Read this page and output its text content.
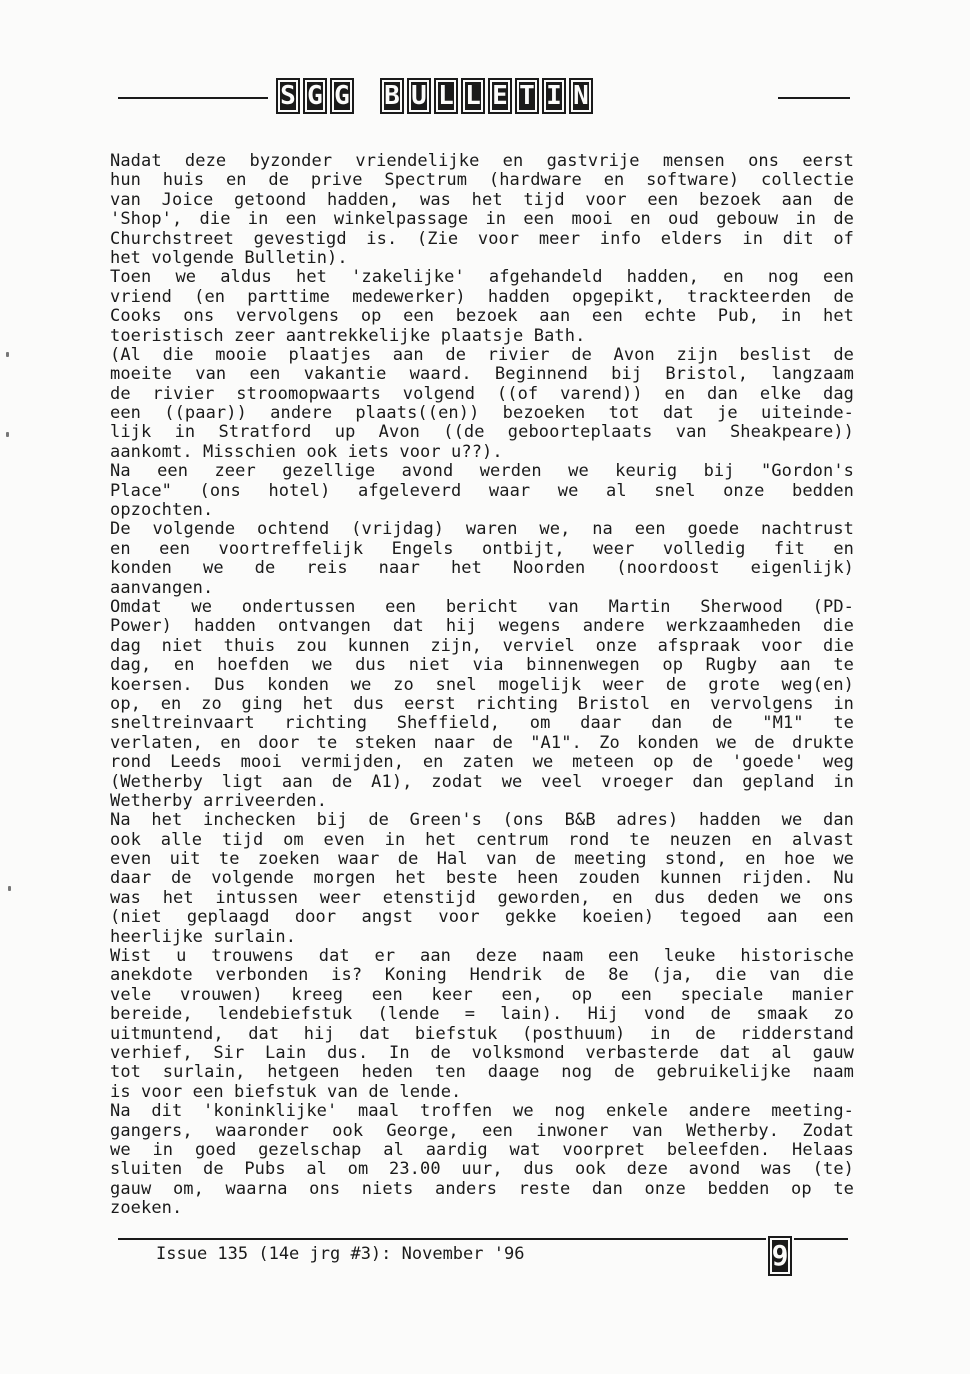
S G G B U L L E T I N
Nadat deze byzonder vriendelijke en gastvrije mensen ons eerst
hun huis en de prive Spectrum (hardware en software) collectie
van Joice getoond hadden, was het tijd voor een bezoek aan de
'Shop', die in een winkelpassage in een mooi en oud gebouw in de
Churchstreet gevestigd is. (Zie voor meer info elders in dit of
het volgende Bulletin).
Toen we aldus het 'zakelijke' afgehandeld hadden, en nog een
vriend (en parttime medewerker) hadden opgepikt, trackteerden de
Cooks ons vervolgens op een bezoek aan een echte Pub, in het
toeristisch zeer aantrekkelijke plaatsje Bath.
(Al die mooie plaatjes aan de rivier de Avon zijn beslist de
moeite van een vakantie waard. Beginnend bij Bristol, langzaam
de rivier stroomopwaarts volgend ((of varend)) en dan elke dag
een ((paar)) andere plaats((en)) bezoeken tot dat je uiteinde-
lijk in Stratford up Avon ((de geboorteplaats van Sheakpeare))
aankomt. Misschien ook iets voor u??).
Na een zeer gezellige avond werden we keurig bij "Gordon's
Place" (ons hotel) afgeleverd waar we al snel onze bedden
opzochten.
De volgende ochtend (vrijdag) waren we, na een goede nachtrust
en een voortreffelijk Engels ontbijt, weer volledig fit en
konden we de reis naar het Noorden (noordoost eigenlijk)
aanvangen.
Omdat we ondertussen een bericht van Martin Sherwood (PD-
Power) hadden ontvangen dat hij wegens andere werkzaamheden die
dag niet thuis zou kunnen zijn, verviel onze afspraak voor die
dag, en hoefden we dus niet via binnenwegen op Rugby aan te
koersen. Dus konden we zo snel mogelijk weer de grote weg(en)
op, en zo ging het dus eerst richting Bristol en vervolgens in
sneltreinvaart richting Sheffield, om daar dan de "M1" te
verlaten, en door te steken naar de "A1". Zo konden we de drukte
rond Leeds mooi vermijden, en zaten we meteen op de 'goede' weg
(Wetherby ligt aan de A1), zodat we veel vroeger dan gepland in
Wetherby arriveerden.
Na het inchecken bij de Green's (ons B&B adres) hadden we dan
ook alle tijd om even in het centrum rond te neuzen en alvast
even uit te zoeken waar de Hal van de meeting stond, en hoe we
daar de volgende morgen het beste heen zouden kunnen rijden. Nu
was het intussen weer etenstijd geworden, en dus deden we ons
(niet geplaagd door angst voor gekke koeien) tegoed aan een
heerlijke surlain.
Wist u trouwens dat er aan deze naam een leuke historische
anekdote verbonden is? Koning Hendrik de 8e (ja, die van die
vele vrouwen) kreeg een keer een, op een speciale manier
bereide, lendebiefstuk (lende = lain). Hij vond de smaak zo
uitmuntend, dat hij dat biefstuk (posthuum) in de ridderstand
verhief, Sir Lain dus. In de volksmond verbasterde dat al gauw
tot surlain, hetgeen heden ten daage nog de gebruikelijke naam
is voor een biefstuk van de lende.
Na dit 'koninklijke' maal troffen we nog enkele andere meeting-
gangers, waaronder ook George, een inwoner van Wetherby. Zodat
we in goed gezelschap al aardig wat voorpret beleefden. Helaas
sluiten de Pubs al om 23.00 uur, dus ook deze avond was (te)
gauw om, waarna ons niets anders reste dan onze bedden op te
zoeken.
Issue 135 (14e jrg #3): November '96	9
